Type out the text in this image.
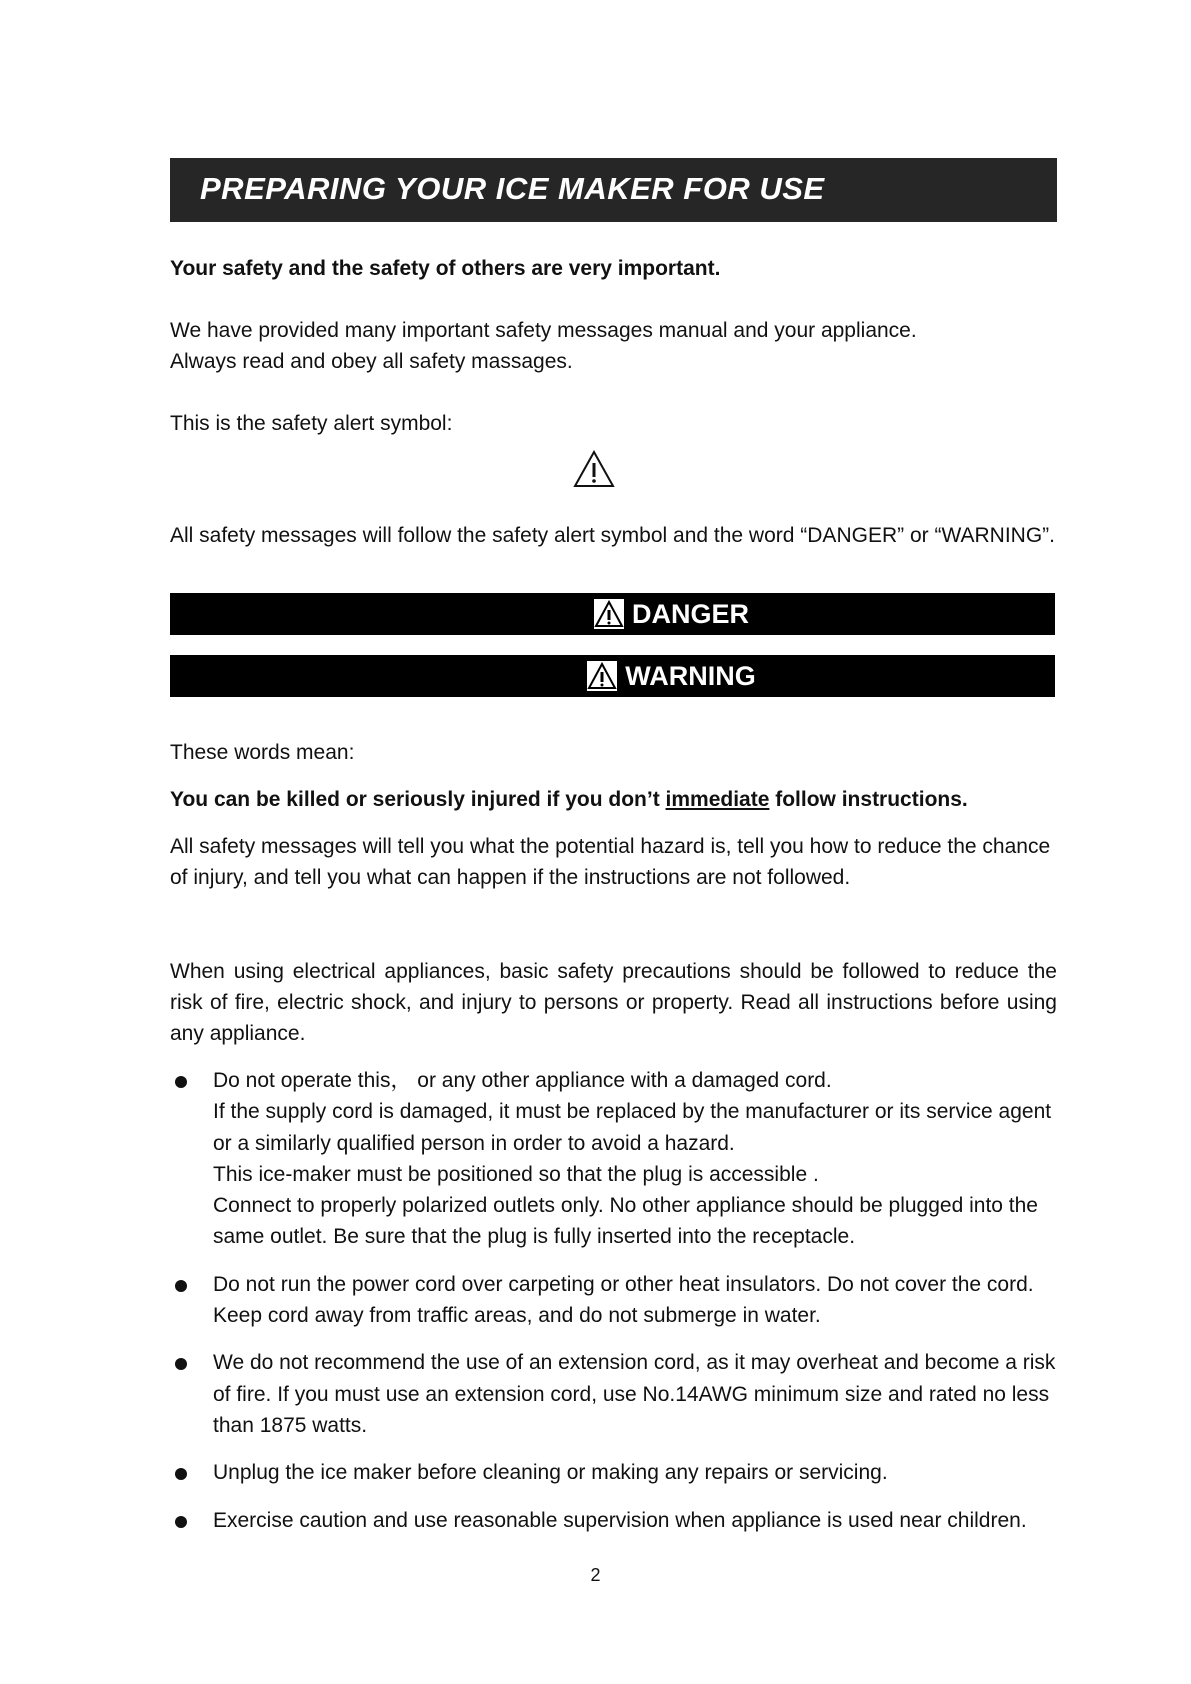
PREPARING YOUR ICE MAKER FOR USE

Your safety and the safety of others are very important.

We have provided many important safety messages manual and your appliance.

Always read and obey all safety massages.

This is the safety alert symbol:

All safety messages will follow the safety alert symbol and the word “DANGER” or “WARNING”.

DANGER
WARNING

These words mean:

You can be killed or seriously injured if you don’t immediate follow instructions.

All safety messages will tell you what the potential hazard is, tell you how to reduce the chance

of injury, and tell you what can happen if the instructions are not followed.

When using electrical appliances, basic safety precautions should be followed to reduce the

risk of fire, electric shock, and injury to persons or property. Read all instructions before using

any appliance.

Do not operate this， or any other appliance with a damaged cord.
If the supply cord is damaged, it must be replaced by the manufacturer or its service agent
or a similarly qualified person in order to avoid a hazard.
This ice-maker must be positioned so that the plug is accessible .
Connect to properly polarized outlets only. No other appliance should be plugged into the
same outlet. Be sure that the plug is fully inserted into the receptacle.
Do not run the power cord over carpeting or other heat insulators. Do not cover the cord.
Keep cord away from traffic areas, and do not submerge in water.
We do not recommend the use of an extension cord, as it may overheat and become a risk
of fire. If you must use an extension cord, use No.14AWG minimum size and rated no less
than 1875 watts.
Unplug the ice maker before cleaning or making any repairs or servicing.
Exercise caution and use reasonable supervision when appliance is used near children.
2
